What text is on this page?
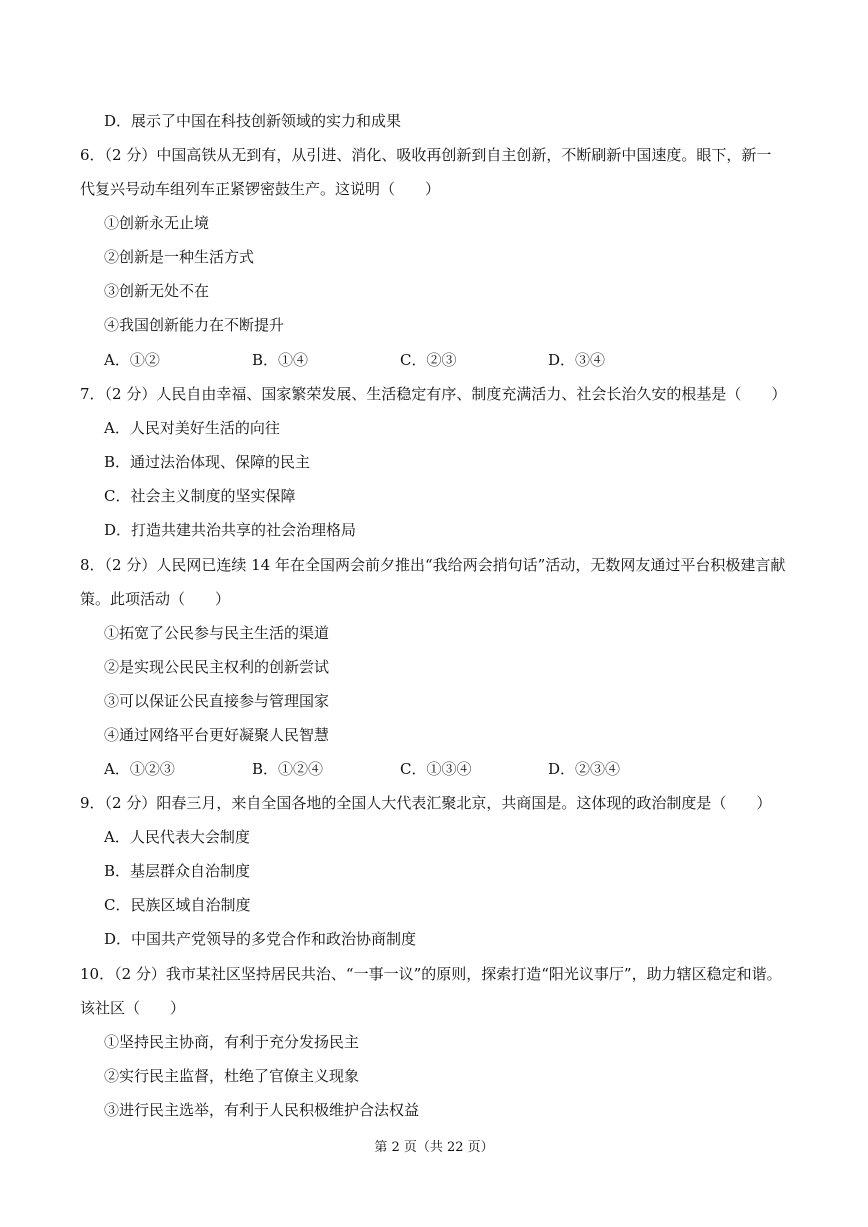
D．展示了中国在科技创新领域的实力和成果
6．（2 分）中国高铁从无到有，从引进、消化、吸收再创新到自主创新，不断刷新中国速度。眼下，新一
代复兴号动车组列车正紧锣密鼓生产。这说明（　　）
①创新永无止境
②创新是一种生活方式
③创新无处不在
④我国创新能力在不断提升
A．①②	B．①④	C．②③	D．③④
7．（2 分）人民自由幸福、国家繁荣发展、生活稳定有序、制度充满活力、社会长治久安的根基是（　　）
A．人民对美好生活的向往
B．通过法治体现、保障的民主
C．社会主义制度的坚实保障
D．打造共建共治共享的社会治理格局
8．（2 分）人民网已连续 14 年在全国两会前夕推出“我给两会捎句话”活动，无数网友通过平台积极建言献
策。此项活动（　　）
①拓宽了公民参与民主生活的渠道
②是实现公民民主权利的创新尝试
③可以保证公民直接参与管理国家
④通过网络平台更好凝聚人民智慧
A．①②③	B．①②④	C．①③④	D．②③④
9．（2 分）阳春三月，来自全国各地的全国人大代表汇聚北京，共商国是。这体现的政治制度是（　　）
A．人民代表大会制度
B．基层群众自治制度
C．民族区域自治制度
D．中国共产党领导的多党合作和政治协商制度
10．（2 分）我市某社区坚持居民共治、“一事一议”的原则，探索打造“阳光议事厅”，助力辖区稳定和谐。
该社区（　　）
①坚持民主协商，有利于充分发扬民主
②实行民主监督，杜绝了官僚主义现象
③进行民主选举，有利于人民积极维护合法权益
第 2 页（共 22 页）
